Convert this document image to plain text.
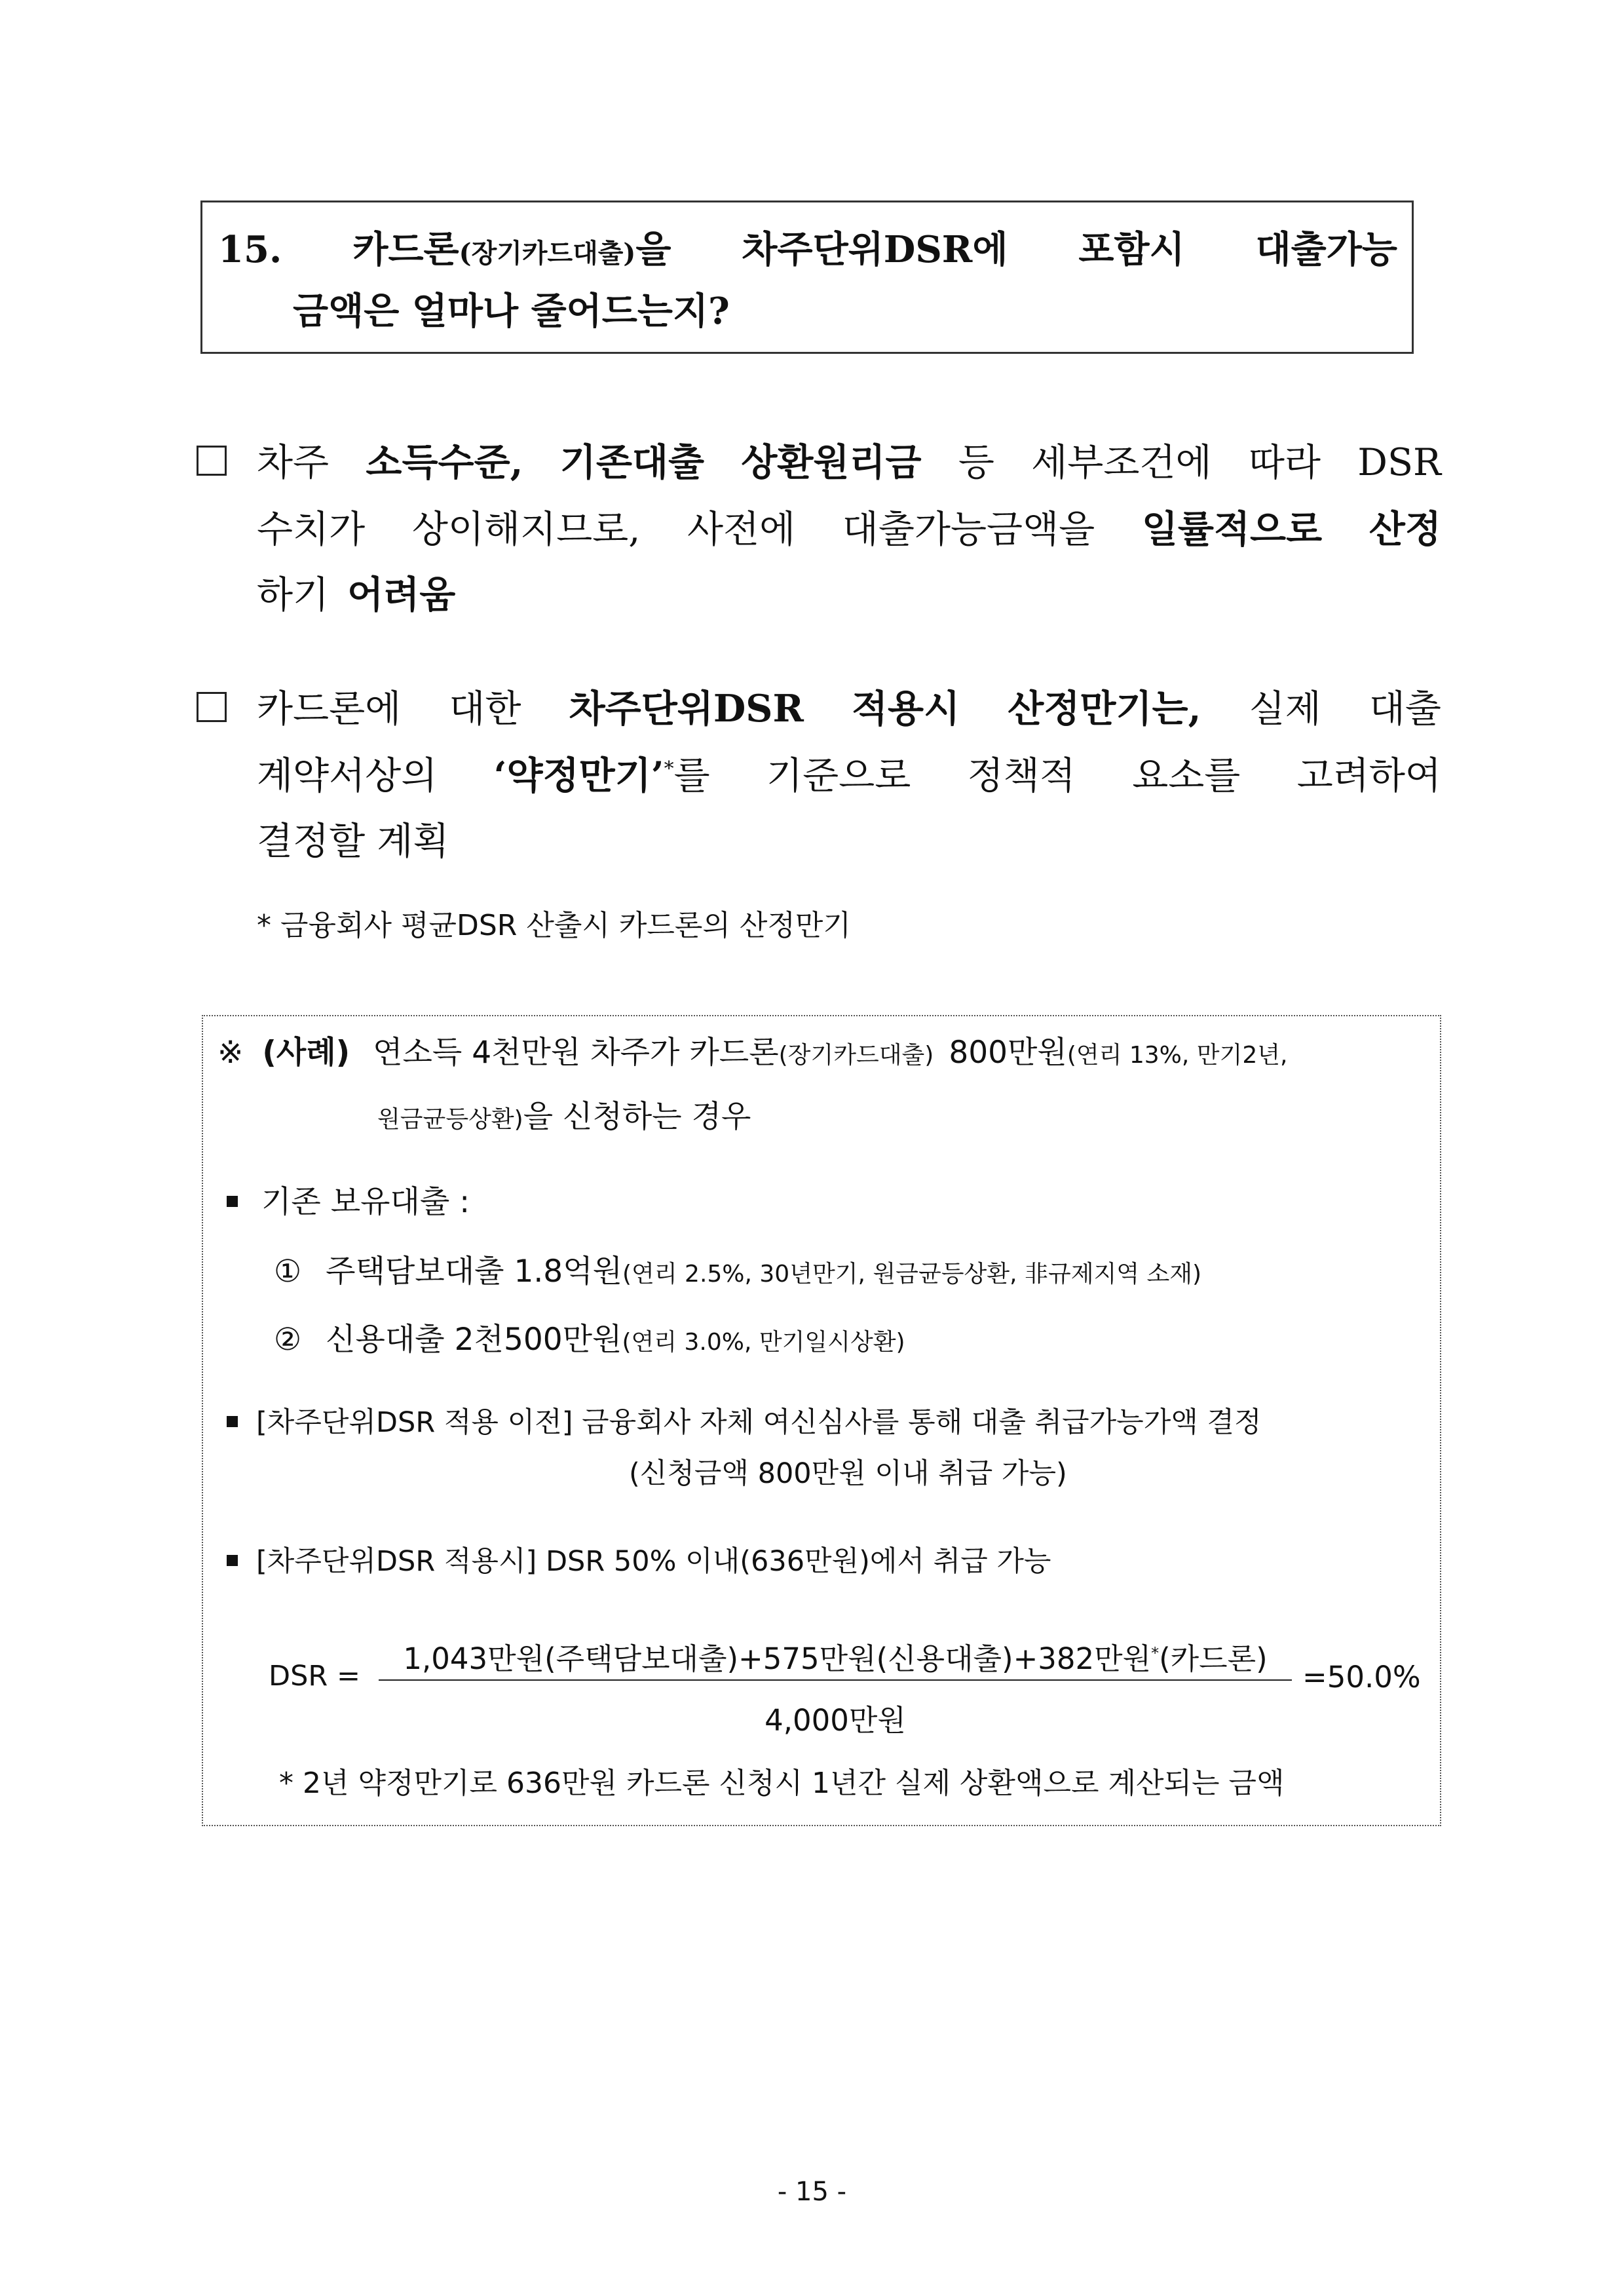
15. 카드론(장기카드대출)을 차주단위DSR에 포함시 대출가능
금액은 얼마나 줄어드는지?
차주 소득수준, 기존대출 상환원리금 등 세부조건에 따라 DSR
수치가 상이해지므로, 사전에 대출가능금액을 일률적으로 산정
하기 어려움
카드론에 대한 차주단위DSR 적용시 산정만기는, 실제 대출
계약서상의 ‘약정만기’*를 기준으로 정책적 요소를 고려하여
결정할 계획
* 금융회사 평균DSR 산출시 카드론의 산정만기
※ (사례) 연소득 4천만원 차주가 카드론(장기카드대출) 800만원(연리 13%, 만기2년,
원금균등상환)을 신청하는 경우
기존 보유대출 :
① 주택담보대출 1.8억원(연리 2.5%, 30년만기, 원금균등상환, 非규제지역 소재)
② 신용대출 2천500만원(연리 3.0%, 만기일시상환)
[차주단위DSR 적용 이전] 금융회사 자체 여신심사를 통해 대출 취급가능가액 결정
(신청금액 800만원 이내 취급 가능)
[차주단위DSR 적용시] DSR 50% 이내(636만원)에서 취급 가능
DSR =	1,043만원(주택담보대출)+575만원(신용대출)+382만원*(카드론)
4,000만원
=50.0%
* 2년 약정만기로 636만원 카드론 신청시 1년간 실제 상환액으로 계산되는 금액
- 15 -
